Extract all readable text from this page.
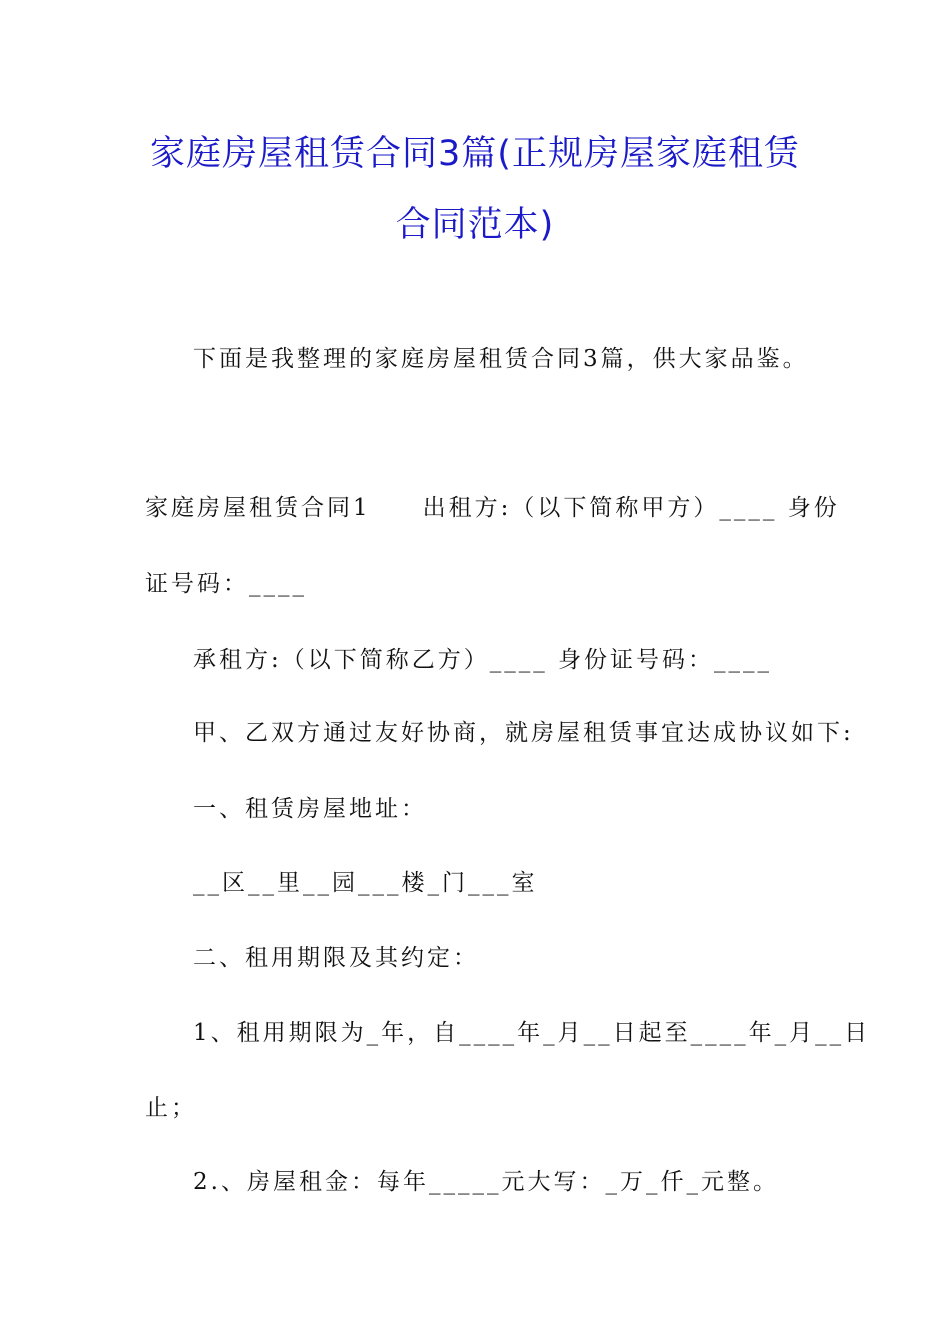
家庭房屋租赁合同3篇(正规房屋家庭租赁
合同范本)
下面是我整理的家庭房屋租赁合同3篇，供大家品鉴。
家庭房屋租赁合同1　　出租方:（以下简称甲方）____ 身份
证号码：____
承租方:（以下简称乙方）____ 身份证号码：____
甲、乙双方通过友好协商，就房屋租赁事宜达成协议如下:
一、租赁房屋地址：
__区__里__园___楼_门___室
二、租用期限及其约定：
1、租用期限为_年，自____年_月__日起至____年_月__日
止；
2.、房屋租金：每年_____元大写：_万_仟_元整。
